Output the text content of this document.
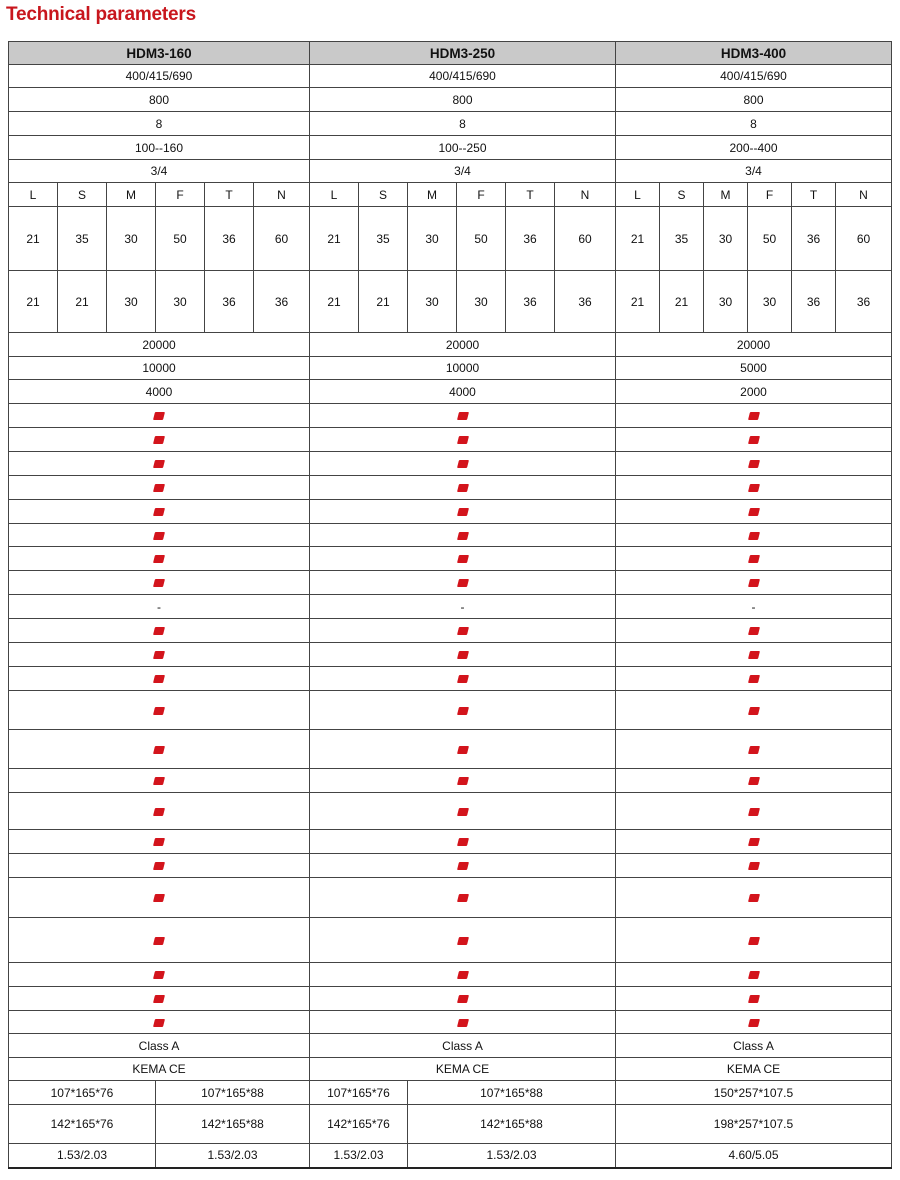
Technical parameters
HDM3-160						HDM3-250						HDM3-400					
400/415/690						400/415/690						400/415/690					
800						800						800					
8						8						8					
100--160						100--250						200--400					
3/4						3/4						3/4					
L	S	M	F	T	N	L	S	M	F	T	N	L	S	M	F	T	N
21	35	30	50	36	60	21	35	30	50	36	60	21	35	30	50	36	60
21	21	30	30	36	36	21	21	30	30	36	36	21	21	30	30	36	36
20000						20000						20000					
10000						10000						5000					
4000						4000						2000					

-						-						-					

Class A						Class A						Class A					
KEMA CE						KEMA CE						KEMA CE					
107*165*76			107*165*88			107*165*76		107*165*88				150*257*107.5					
142*165*76			142*165*88			142*165*76		142*165*88				198*257*107.5					
1.53/2.03			1.53/2.03			1.53/2.03		1.53/2.03				4.60/5.05					
